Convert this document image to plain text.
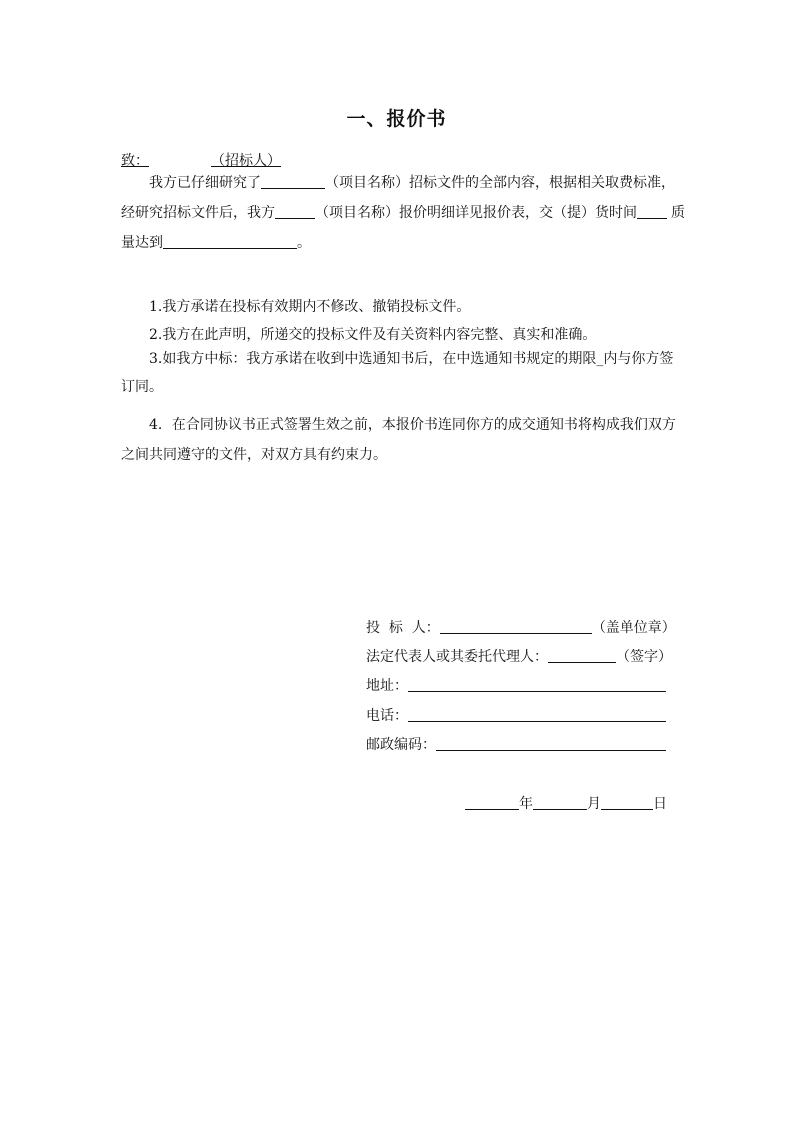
一、报价书
致：	（招标人）
我方已仔细研究了	（项目名称）招标文件的全部内容，根据相关取费标准，
经研究招标文件后，我方	（项目名称）报价明细详见报价表，交（提）货时间 质
量达到	。
1.我方承诺在投标有效期内不修改、撤销投标文件。
2.我方在此声明，所递交的投标文件及有关资料内容完整、真实和准确。
3.如我方中标：我方承诺在收到中选通知书后，在中选通知书规定的期限_内与你方签
订同。
4．在合同协议书正式签署生效之前，本报价书连同你方的成交通知书将构成我们双方
之间共同遵守的文件，对双方具有约束力。
投  标  人：	（盖单位章）
法定代表人或其委托代理人：	（签字）
地址：
电话：
邮政编码：
年	月	日
